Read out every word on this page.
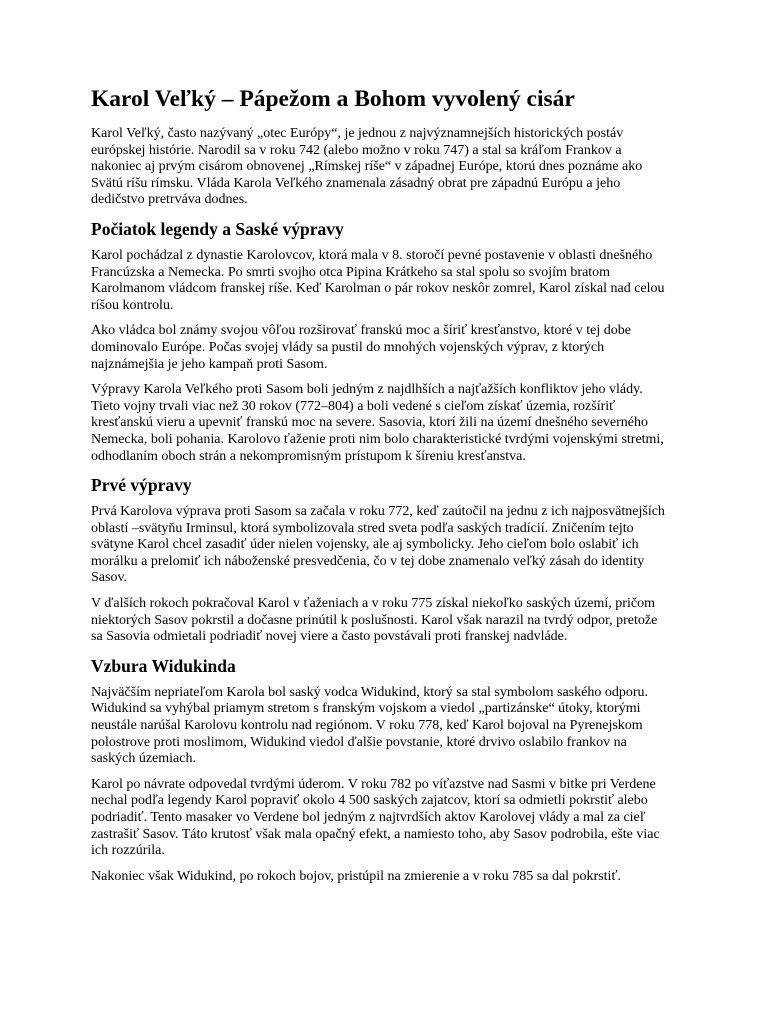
Karol Veľký – Pápežom a Bohom vyvolený cisár

Karol Veľký, často nazývaný „otec Európy“, je jednou z najvýznamnejších historických postáv
európskej histórie. Narodil sa v roku 742 (alebo možno v roku 747) a stal sa kráľom Frankov a
nakoniec aj prvým cisárom obnovenej „Rímskej ríše“ v západnej Európe, ktorú dnes poznáme ako
Svätú ríšu rímsku. Vláda Karola Veľkého znamenala zásadný obrat pre západnú Európu a jeho
dedičstvo pretrváva dodnes.

Počiatok legendy a Saské výpravy

Karol pochádzal z dynastie Karolovcov, ktorá mala v 8. storočí pevné postavenie v oblasti dnešného
Francúzska a Nemecka. Po smrti svojho otca Pipina Krátkeho sa stal spolu so svojím bratom
Karolmanom vládcom franskej ríše. Keď Karolman o pár rokov neskôr zomrel, Karol získal nad celou
ríšou kontrolu.

Ako vládca bol známy svojou vôľou rozširovať franskú moc a šíriť kresťanstvo, ktoré v tej dobe
dominovalo Európe. Počas svojej vlády sa pustil do mnohých vojenských výprav, z ktorých
najznámejšia je jeho kampaň proti Sasom.

Výpravy Karola Veľkého proti Sasom boli jedným z najdlhších a najťažších konfliktov jeho vlády.
Tieto vojny trvali viac než 30 rokov (772–804) a boli vedené s cieľom získať územia, rozšíriť
kresťanskú vieru a upevniť franskú moc na severe. Sasovia, ktorí žili na území dnešného severného
Nemecka, boli pohania. Karolovo ťaženie proti nim bolo charakteristické tvrdými vojenskými stretmi,
odhodlaním oboch strán a nekompromisným prístupom k šíreniu kresťanstva.

Prvé výpravy

Prvá Karolova výprava proti Sasom sa začala v roku 772, keď zaútočil na jednu z ich najposvätnejších
oblastí –svätyňu Irminsul, ktorá symbolizovala stred sveta podľa saských tradícií. Zničením tejto
svätyne Karol chcel zasadiť úder nielen vojensky, ale aj symbolicky. Jeho cieľom bolo oslabiť ich
morálku a prelomiť ich náboženské presvedčenia, čo v tej dobe znamenalo veľký zásah do identity
Sasov.

V ďalších rokoch pokračoval Karol v ťaženiach a v roku 775 získal niekoľko saských území, pričom
niektorých Sasov pokrstil a dočasne prinútil k poslušnosti. Karol však narazil na tvrdý odpor, pretože
sa Sasovia odmietali podriadiť novej viere a často povstávali proti franskej nadvláde.

Vzbura Widukinda

Najväčším nepriateľom Karola bol saský vodca Widukind, ktorý sa stal symbolom saského odporu.
Widukind sa vyhýbal priamym stretom s franským vojskom a viedol „partizánske“ útoky, ktorými
neustále narúšal Karolovu kontrolu nad regiónom. V roku 778, keď Karol bojoval na Pyrenejskom
polostrove proti moslimom, Widukind viedol ďalšie povstanie, ktoré drvivo oslabilo frankov na
saských územiach.

Karol po návrate odpovedal tvrdými úderom. V roku 782 po víťazstve nad Sasmi v bitke pri Verdene
nechal podľa legendy Karol popraviť okolo 4 500 saských zajatcov, ktorí sa odmietli pokrstiť alebo
podriadiť. Tento masaker vo Verdene bol jedným z najtvrdších aktov Karolovej vlády a mal za cieľ
zastrašiť Sasov. Táto krutosť však mala opačný efekt, a namiesto toho, aby Sasov podrobila, ešte viac
ich rozzúrila.

Nakoniec však Widukind, po rokoch bojov, pristúpil na zmierenie a v roku 785 sa dal pokrstiť.
